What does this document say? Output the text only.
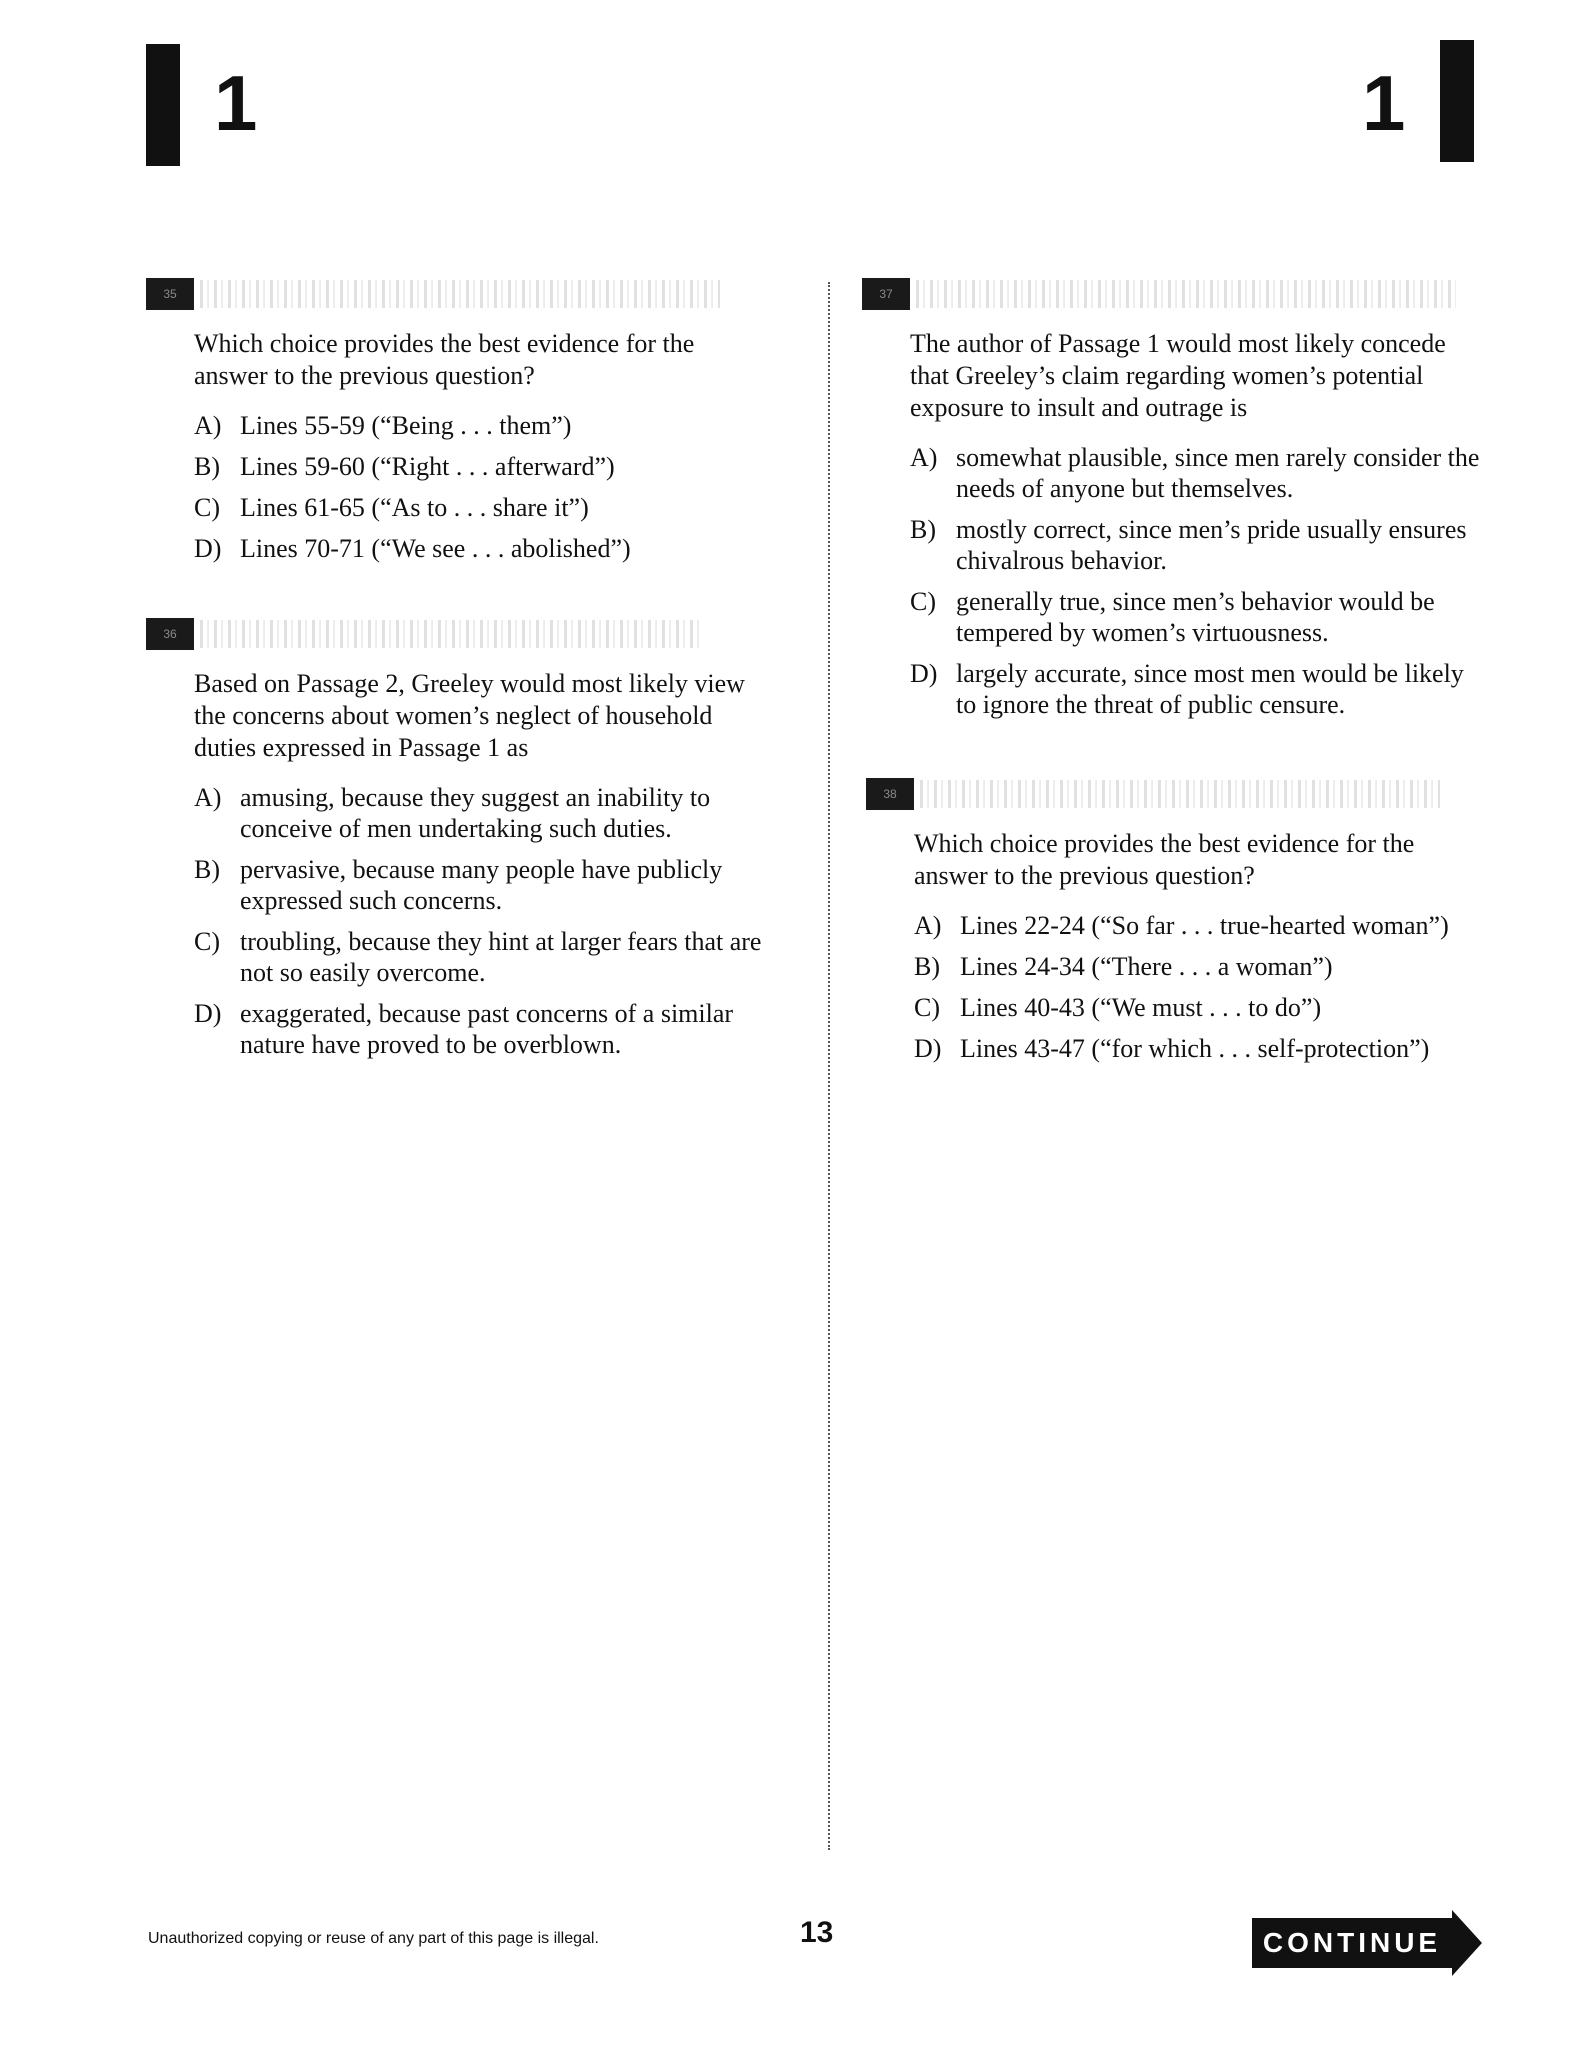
1	1
35
Which choice provides the best evidence for the answer to the previous question?
A) Lines 55-59 (“Being . . . them”)
B) Lines 59-60 (“Right . . . afterward”)
C) Lines 61-65 (“As to . . . share it”)
D) Lines 70-71 (“We see . . . abolished”)
36
Based on Passage 2, Greeley would most likely view the concerns about women’s neglect of household duties expressed in Passage 1 as
A) amusing, because they suggest an inability to conceive of men undertaking such duties.
B) pervasive, because many people have publicly expressed such concerns.
C) troubling, because they hint at larger fears that are not so easily overcome.
D) exaggerated, because past concerns of a similar nature have proved to be overblown.
37
The author of Passage 1 would most likely concede that Greeley’s claim regarding women’s potential exposure to insult and outrage is
A) somewhat plausible, since men rarely consider the needs of anyone but themselves.
B) mostly correct, since men’s pride usually ensures chivalrous behavior.
C) generally true, since men’s behavior would be tempered by women’s virtuousness.
D) largely accurate, since most men would be likely to ignore the threat of public censure.
38
Which choice provides the best evidence for the answer to the previous question?
A) Lines 22-24 (“So far . . . true-hearted woman”)
B) Lines 24-34 (“There . . . a woman”)
C) Lines 40-43 (“We must . . . to do”)
D) Lines 43-47 (“for which . . . self-protection”)
Unauthorized copying or reuse of any part of this page is illegal.	13	CONTINUE
